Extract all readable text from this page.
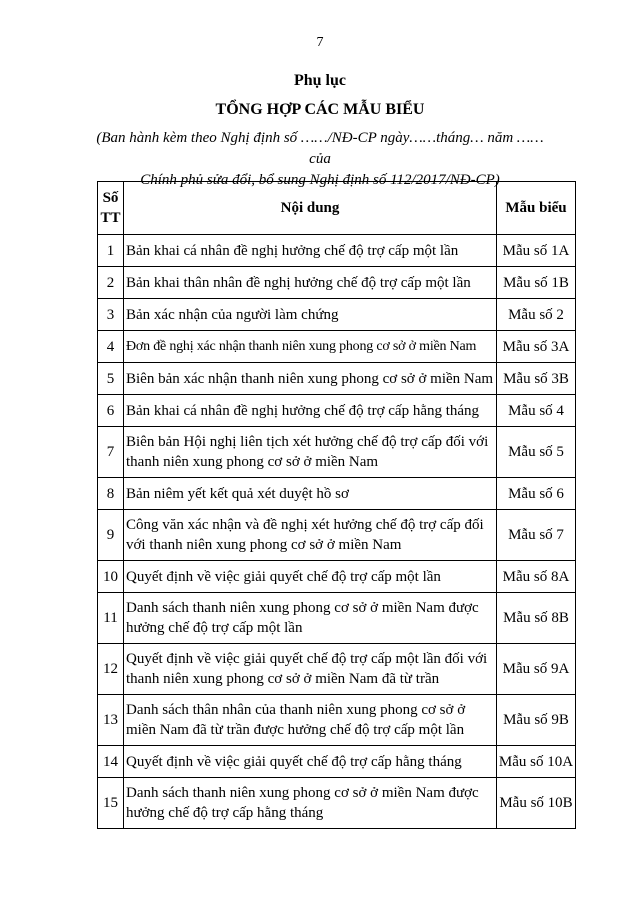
7
Phụ lục
TỔNG HỢP CÁC MẪU BIỂU
(Ban hành kèm theo Nghị định số ……/NĐ-CP ngày……tháng… năm …… của
Chính phủ sửa đổi, bổ sung Nghị định số 112/2017/NĐ-CP)
Số
TT	Nội dung	Mẫu biểu
1	Bản khai cá nhân đề nghị hưởng chế độ trợ cấp một lần	Mẫu số 1A
2	Bản khai thân nhân đề nghị hưởng chế độ trợ cấp một lần	Mẫu số 1B
3	Bản xác nhận của người làm chứng	Mẫu số 2
4	Đơn đề nghị xác nhận thanh niên xung phong cơ sở ở miền Nam	Mẫu số 3A
5	Biên bản xác nhận thanh niên xung phong cơ sở ở miền Nam	Mẫu số 3B
6	Bản khai cá nhân đề nghị hưởng chế độ trợ cấp hằng tháng	Mẫu số 4
7	Biên bản Hội nghị liên tịch xét hưởng chế độ trợ cấp đối với thanh niên xung phong cơ sở ở miền Nam	Mẫu số 5
8	Bản niêm yết kết quả xét duyệt hồ sơ	Mẫu số 6
9	Công văn xác nhận và đề nghị xét hưởng chế độ trợ cấp đối với thanh niên xung phong cơ sở ở miền Nam	Mẫu số 7
10	Quyết định về việc giải quyết chế độ trợ cấp một lần	Mẫu số 8A
11	Danh sách thanh niên xung phong cơ sở ở miền Nam được hưởng chế độ trợ cấp một lần	Mẫu số 8B
12	Quyết định về việc giải quyết chế độ trợ cấp một lần đối với thanh niên xung phong cơ sở ở miền Nam đã từ trần	Mẫu số 9A
13	Danh sách thân nhân của thanh niên xung phong cơ sở ở miền Nam đã từ trần được hưởng chế độ trợ cấp một lần	Mẫu số 9B
14	Quyết định về việc giải quyết chế độ trợ cấp hằng tháng	Mẫu số 10A
15	Danh sách thanh niên xung phong cơ sở ở miền Nam được hưởng chế độ trợ cấp hằng tháng	Mẫu số 10B
